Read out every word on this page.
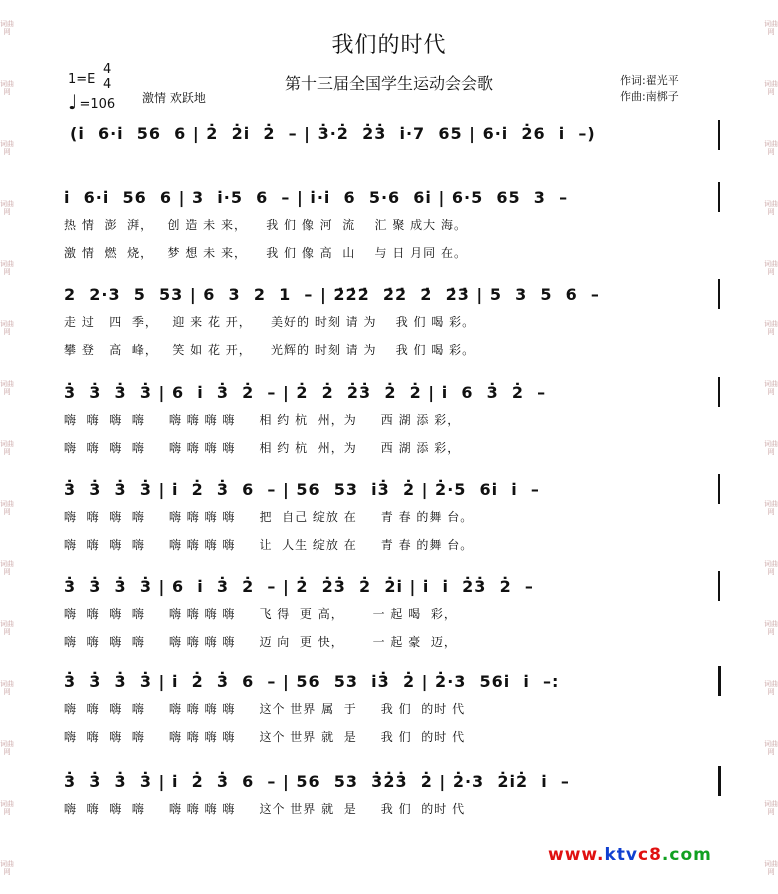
词曲网
词曲网
词曲网
词曲网
词曲网
词曲网
词曲网
词曲网
词曲网
词曲网
词曲网
词曲网
词曲网
词曲网
词曲网
词曲网
词曲网
词曲网
词曲网
词曲网
词曲网
词曲网
词曲网
词曲网
词曲网
词曲网
词曲网
词曲网
词曲网
词曲网
我们的时代
1=E
4
4
♩ =106 激情 欢跃地
第十三届全国学生运动会会歌	作词:翟光平
作曲:南梆子
(i̇  6·i̇  56  6 | 2̇  2̇i̇  2̇  – | 3̇·2̇  2̇3̇  i̇·7  65 | 6·i̇  2̇6  i̇  –)
i̇  6·i̇  56  6 | 3  i̇·5  6  – | i̇·i̇  6  5·6  6i̇ | 6·5  65  3  –
热 情  澎  湃，   创 造 未 来，    我 们 像 河  流    汇 聚 成大 海。
激 情  燃  烧，   梦 想 未 来，    我 们 像 高  山    与 日 月同 在。
2  2·3  5  53 | 6  3  2  1  – | 2̇2̇2̇  2̇2̇  2̇  2̇3̇ | 5  3  5  6  –
走 过   四  季，   迎 来 花 开，    美好的 时刻 请 为    我 们 喝 彩。
攀 登   高  峰，   笑 如 花 开，    光辉的 时刻 请 为    我 们 喝 彩。
3̇  3̇  3̇  3̇ | 6  i̇  3̇  2̇  – | 2̇  2̇  2̇3̇  2̇  2̇ | i̇  6  3̇  2̇  –
嗨  嗨  嗨  嗨     嗨 嗨 嗨 嗨     相 约 杭  州，为     西 湖 添 彩，
嗨  嗨  嗨  嗨     嗨 嗨 嗨 嗨     相 约 杭  州，为     西 湖 添 彩，
3̇  3̇  3̇  3̇ | i̇  2̇  3̇  6  – | 56  53  i̇3̇  2̇ | 2̇·5  6i̇  i̇  –
嗨  嗨  嗨  嗨     嗨 嗨 嗨 嗨     把  自己 绽放 在     青 春 的舞 台。
嗨  嗨  嗨  嗨     嗨 嗨 嗨 嗨     让  人生 绽放 在     青 春 的舞 台。
3̇  3̇  3̇  3̇ | 6  i̇  3̇  2̇  – | 2̇  2̇3̇  2̇  2̇i̇ | i̇  i̇  2̇3̇  2̇  –
嗨  嗨  嗨  嗨     嗨 嗨 嗨 嗨     飞 得  更 高，      一 起 喝  彩，
嗨  嗨  嗨  嗨     嗨 嗨 嗨 嗨     迈 向  更 快，      一 起 豪  迈，
3̇  3̇  3̇  3̇ | i̇  2̇  3̇  6  – | 56  53  i̇3̇  2̇ | 2̇·3  56i̇  i̇  –:
嗨  嗨  嗨  嗨     嗨 嗨 嗨 嗨     这个 世界 属  于     我 们  的时 代
嗨  嗨  嗨  嗨     嗨 嗨 嗨 嗨     这个 世界 就  是     我 们  的时 代
3̇  3̇  3̇  3̇ | i̇  2̇  3̇  6  – | 56  53  3̇2̇3̇  2̇ | 2̇·3  2̇i̇2̇  i̇  –
嗨  嗨  嗨  嗨     嗨 嗨 嗨 嗨     这个 世界 就  是     我 们  的时 代
www.ktvc8.com
